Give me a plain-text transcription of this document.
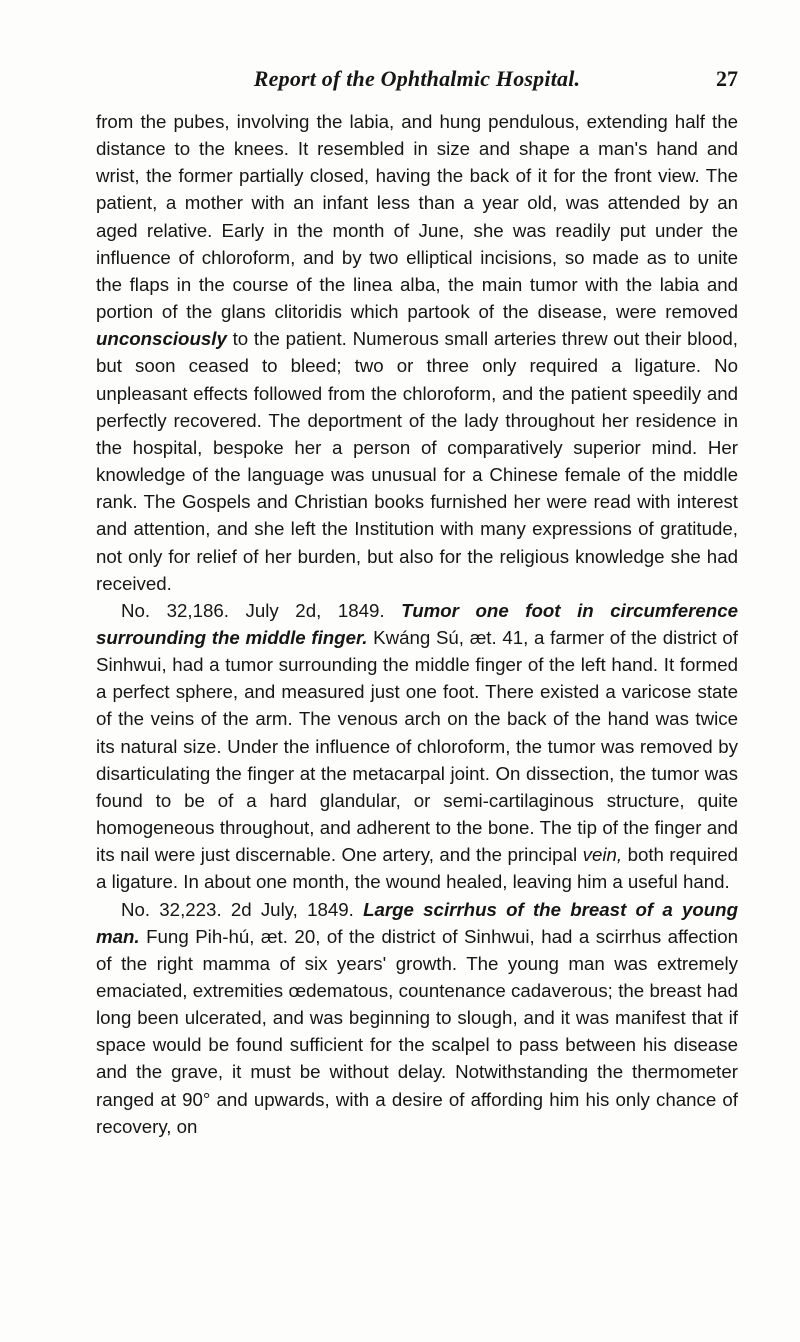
Report of the Ophthalmic Hospital.	27

from the pubes, involving the labia, and hung pendulous, extending half the distance to the knees. It resembled in size and shape a man's hand and wrist, the former partially closed, having the back of it for the front view. The patient, a mother with an infant less than a year old, was attended by an aged relative. Early in the month of June, she was readily put under the influence of chloroform, and by two elliptical incisions, so made as to unite the flaps in the course of the linea alba, the main tumor with the labia and portion of the glans clitoridis which partook of the disease, were removed unconsciously to the patient. Numerous small arteries threw out their blood, but soon ceased to bleed; two or three only required a ligature. No unpleasant effects followed from the chloroform, and the patient speedily and perfectly recovered. The deportment of the lady throughout her residence in the hospital, bespoke her a person of comparatively superior mind. Her knowledge of the language was unusual for a Chinese female of the middle rank. The Gospels and Christian books furnished her were read with interest and attention, and she left the Institution with many expressions of gratitude, not only for relief of her burden, but also for the religious knowledge she had received.

No. 32,186. July 2d, 1849. Tumor one foot in circumference surrounding the middle finger. Kwáng Sú, æt. 41, a farmer of the district of Sinhwui, had a tumor surrounding the middle finger of the left hand. It formed a perfect sphere, and measured just one foot. There existed a varicose state of the veins of the arm. The venous arch on the back of the hand was twice its natural size. Under the influence of chloroform, the tumor was removed by disarticulating the finger at the metacarpal joint. On dissection, the tumor was found to be of a hard glandular, or semi-cartilaginous structure, quite homogeneous throughout, and adherent to the bone. The tip of the finger and its nail were just discernable. One artery, and the principal vein, both required a ligature. In about one month, the wound healed, leaving him a useful hand.

No. 32,223. 2d July, 1849. Large scirrhus of the breast of a young man. Fung Pih-hú, æt. 20, of the district of Sinhwui, had a scirrhus affection of the right mamma of six years' growth. The young man was extremely emaciated, extremities œdematous, countenance cadaverous; the breast had long been ulcerated, and was beginning to slough, and it was manifest that if space would be found sufficient for the scalpel to pass between his disease and the grave, it must be without delay. Notwithstanding the thermometer ranged at 90° and upwards, with a desire of affording him his only chance of recovery, on
